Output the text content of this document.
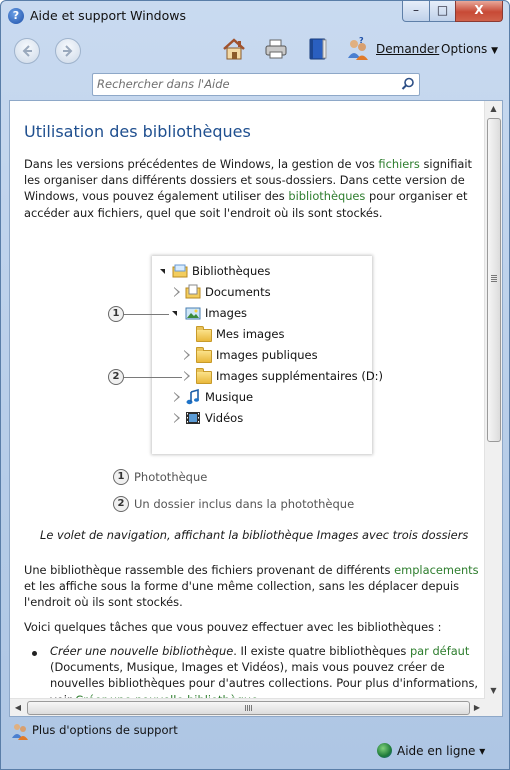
? Aide et support Windows	–	□	X
?
Demander Options ▼
Rechercher dans l'Aide
Utilisation des bibliothèques
Dans les versions précédentes de Windows, la gestion de vos fichiers signifiait les organiser dans différents dossiers et sous-dossiers. Dans cette version de Windows, vous pouvez également utiliser des bibliothèques pour organiser et accéder aux fichiers, quel que soit l'endroit où ils sont stockés.
Bibliothèques
Documents
Images
Mes images
Images publiques
Images supplémentaires (D:)
Musique
Vidéos
1
2
1 Photothèque
2 Un dossier inclus dans la photothèque
Le volet de navigation, affichant la bibliothèque Images avec trois dossiers
Une bibliothèque rassemble des fichiers provenant de différents emplacements et les affiche sous la forme d'une même collection, sans les déplacer depuis l'endroit où ils sont stockés.
Voici quelques tâches que vous pouvez effectuer avec les bibliothèques :
Créer une nouvelle bibliothèque. Il existe quatre bibliothèques par défaut (Documents, Musique, Images et Vidéos), mais vous pouvez créer de nouvelles bibliothèques pour d'autres collections. Pour plus d'informations,
▲
▼
◀	▶
Plus d'options de support
Aide en ligne ▾
